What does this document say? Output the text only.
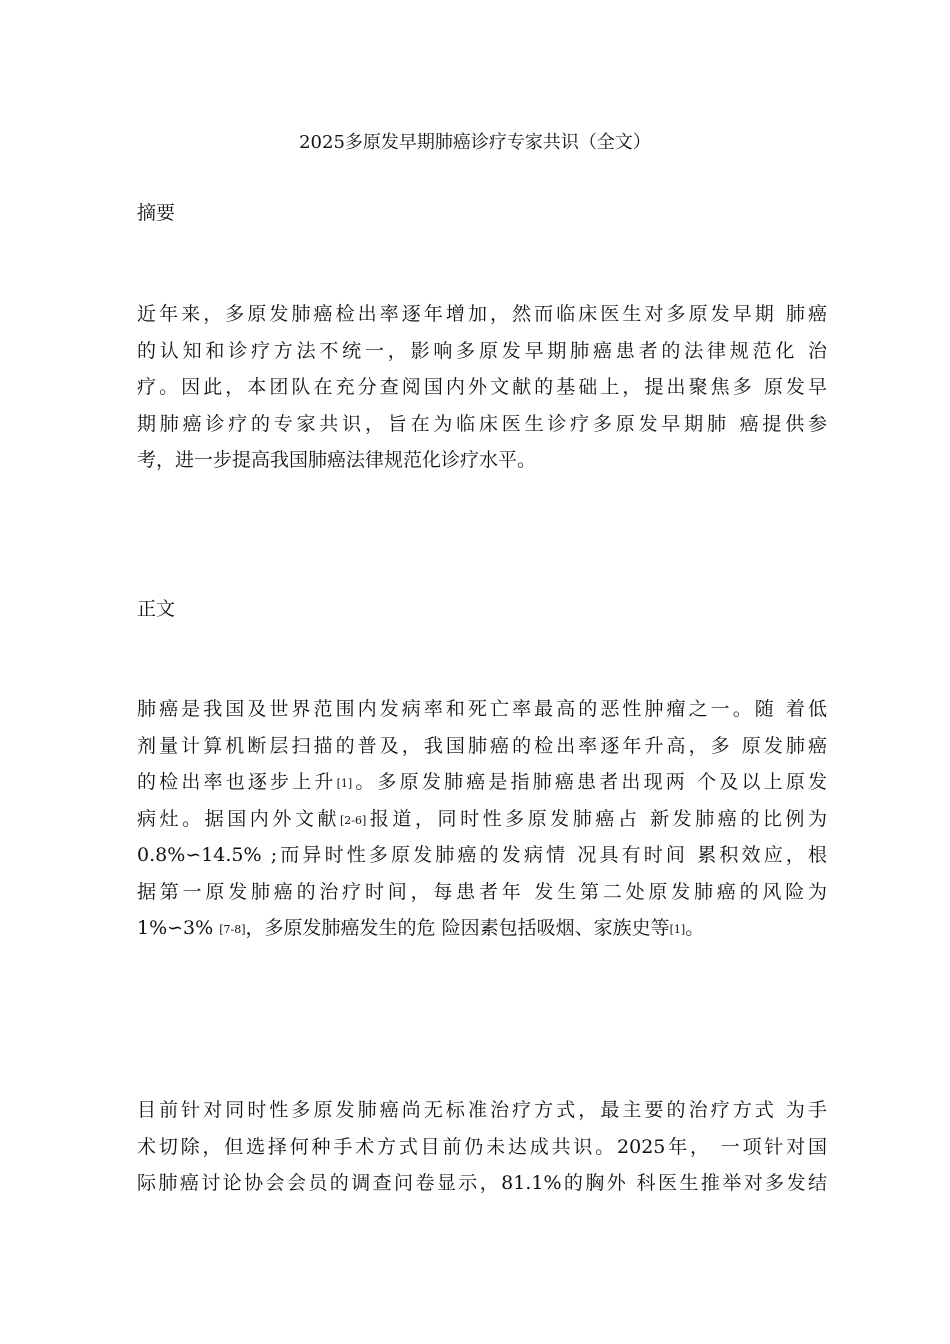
2025多原发早期肺癌诊疗专家共识（全文）
摘要
近年来，多原发肺癌检出率逐年增加，然而临床医生对多原发早期 肺癌
的认知和诊疗方法不统一，影响多原发早期肺癌患者的法律规范化 治
疗。因此，本团队在充分查阅国内外文献的基础上，提出聚焦多 原发早
期肺癌诊疗的专家共识，旨在为临床医生诊疗多原发早期肺 癌提供参
考，进一步提高我国肺癌法律规范化诊疗水平。
正文
肺癌是我国及世界范围内发病率和死亡率最高的恶性肿瘤之一。随 着低
剂量计算机断层扫描的普及，我国肺癌的检出率逐年升高，多 原发肺癌
的检出率也逐步上升[1]。多原发肺癌是指肺癌患者出现两 个及以上原发
病灶。据国内外文献[2-6]报道，同时性多原发肺癌占 新发肺癌的比例为
0.8%∽14.5% ;而异时性多原发肺癌的发病情 况具有时间 累积效应，根
据第一原发肺癌的治疗时间，每患者年 发生第二处原发肺癌的风险为
1%∽3% [7-8]，多原发肺癌发生的危 险因素包括吸烟、家族史等[1]。
目前针对同时性多原发肺癌尚无标准治疗方式，最主要的治疗方式 为手
术切除，但选择何种手术方式目前仍未达成共识。2025年， 一项针对国
际肺癌讨论协会会员的调查问卷显示，81.1%的胸外 科医生推举对多发结
